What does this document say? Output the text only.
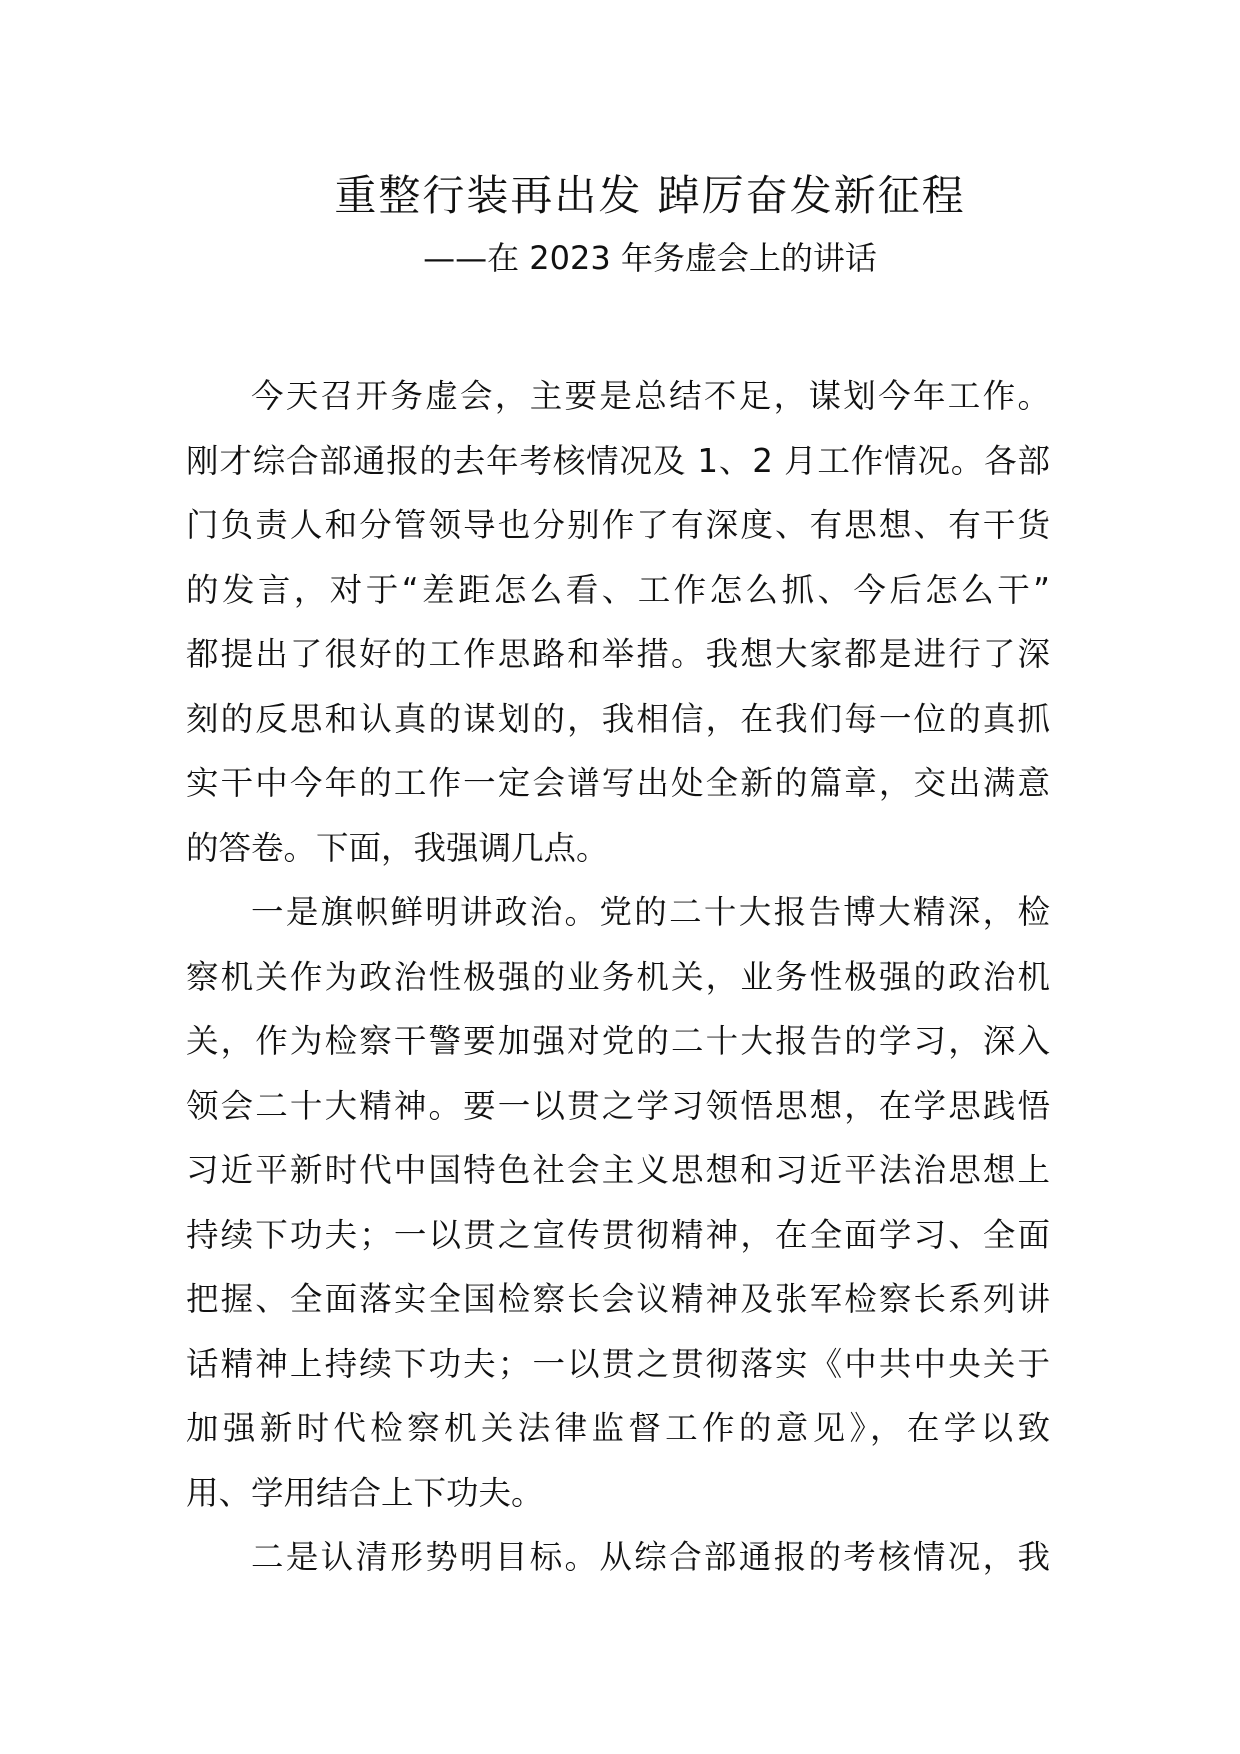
重整行装再出发 踔厉奋发新征程
——在 2023 年务虚会上的讲话
今天召开务虚会，主要是总结不足，谋划今年工作。
刚才综合部通报的去年考核情况及 1、2 月工作情况。各部
门负责人和分管领导也分别作了有深度、有思想、有干货
的发言，对于“差距怎么看、工作怎么抓、今后怎么干”
都提出了很好的工作思路和举措。我想大家都是进行了深
刻的反思和认真的谋划的，我相信，在我们每一位的真抓
实干中今年的工作一定会谱写出处全新的篇章，交出满意
的答卷。下面，我强调几点。
一是旗帜鲜明讲政治。党的二十大报告博大精深，检
察机关作为政治性极强的业务机关，业务性极强的政治机
关，作为检察干警要加强对党的二十大报告的学习，深入
领会二十大精神。要一以贯之学习领悟思想，在学思践悟
习近平新时代中国特色社会主义思想和习近平法治思想上
持续下功夫；一以贯之宣传贯彻精神，在全面学习、全面
把握、全面落实全国检察长会议精神及张军检察长系列讲
话精神上持续下功夫；一以贯之贯彻落实《中共中央关于
加强新时代检察机关法律监督工作的意见》，在学以致
用、学用结合上下功夫。
二是认清形势明目标。从综合部通报的考核情况，我
